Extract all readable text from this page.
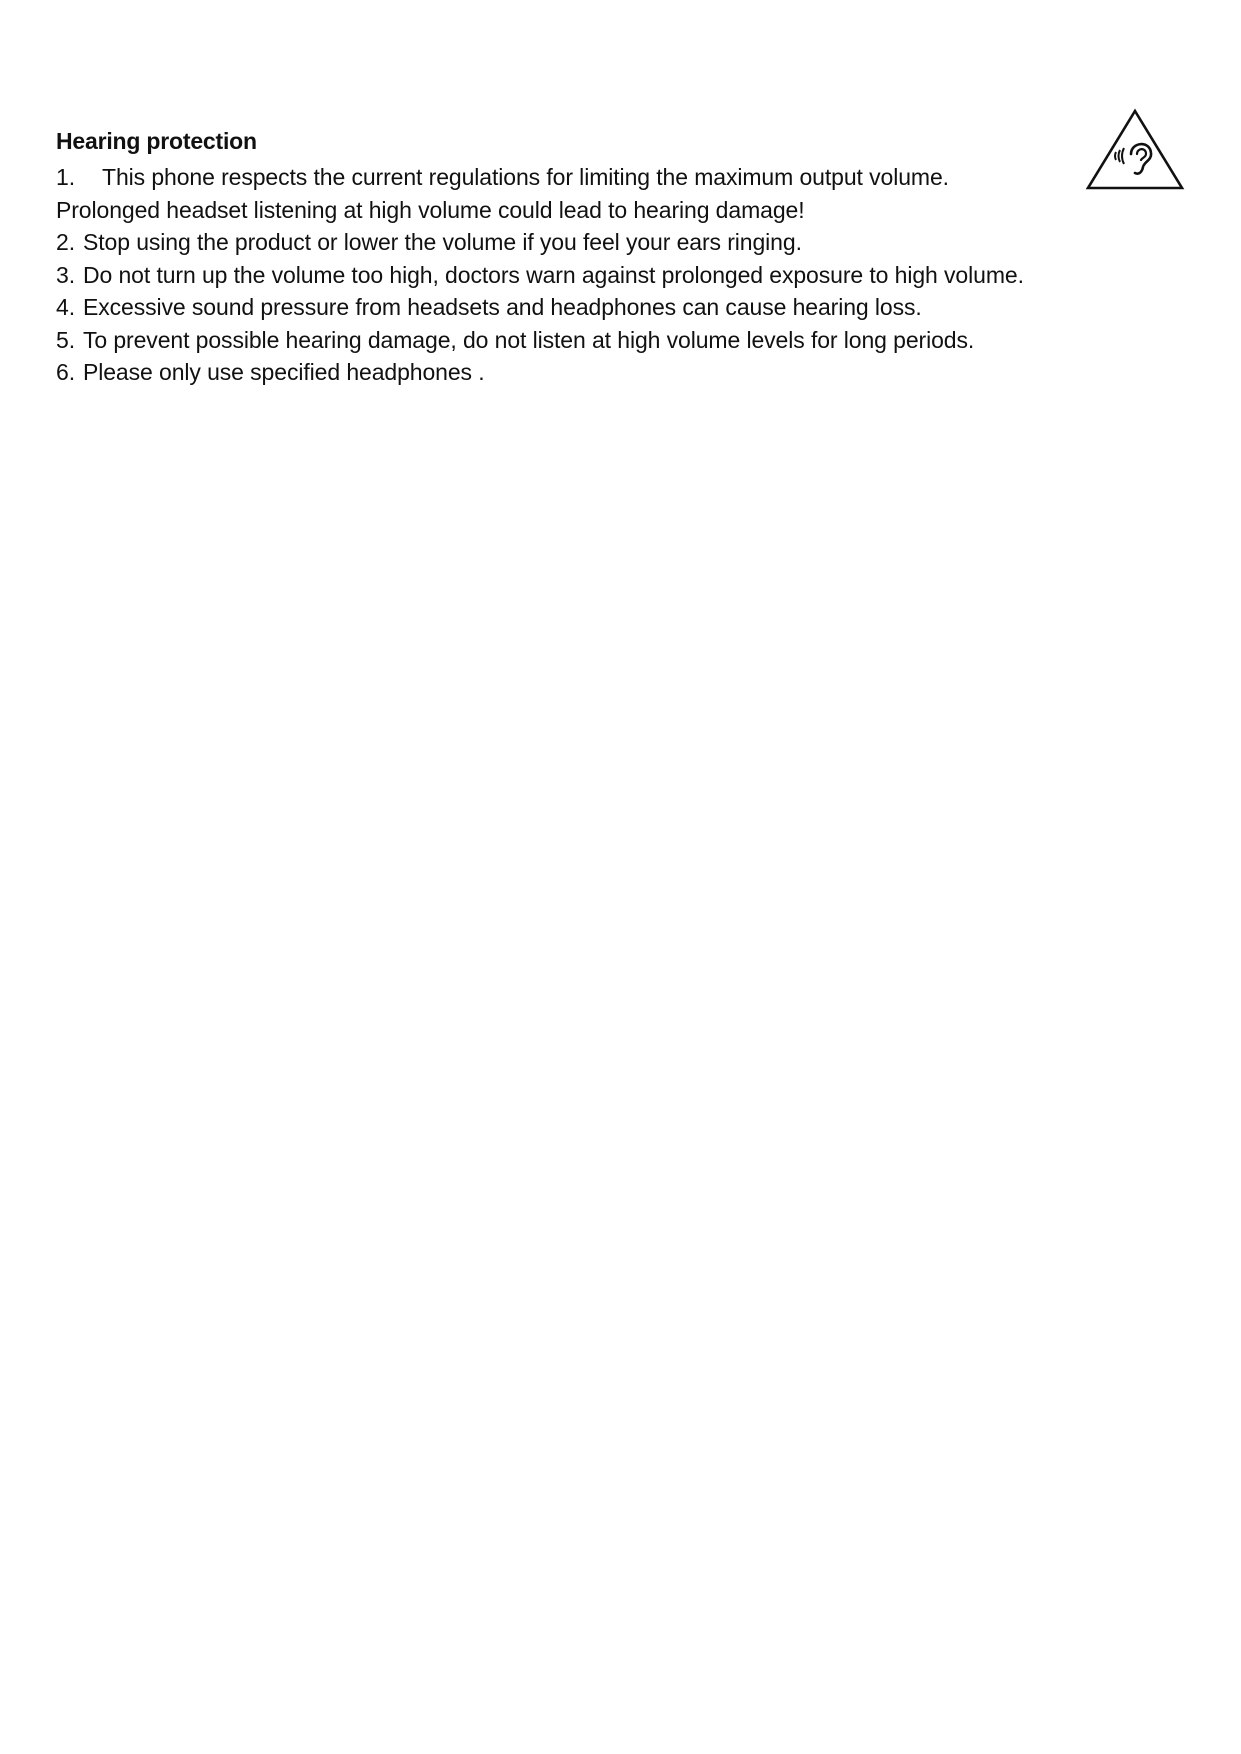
Hearing protection
1. This phone respects the current regulations for limiting the maximum output volume.
Prolonged headset listening at high volume could lead to hearing damage!
2. Stop using the product or lower the volume if you feel your ears ringing.
3. Do not turn up the volume too high, doctors warn against prolonged exposure to high volume.
4. Excessive sound pressure from headsets and headphones can cause hearing loss.
5. To prevent possible hearing damage, do not listen at high volume levels for long periods.
6. Please only use specified headphones .
